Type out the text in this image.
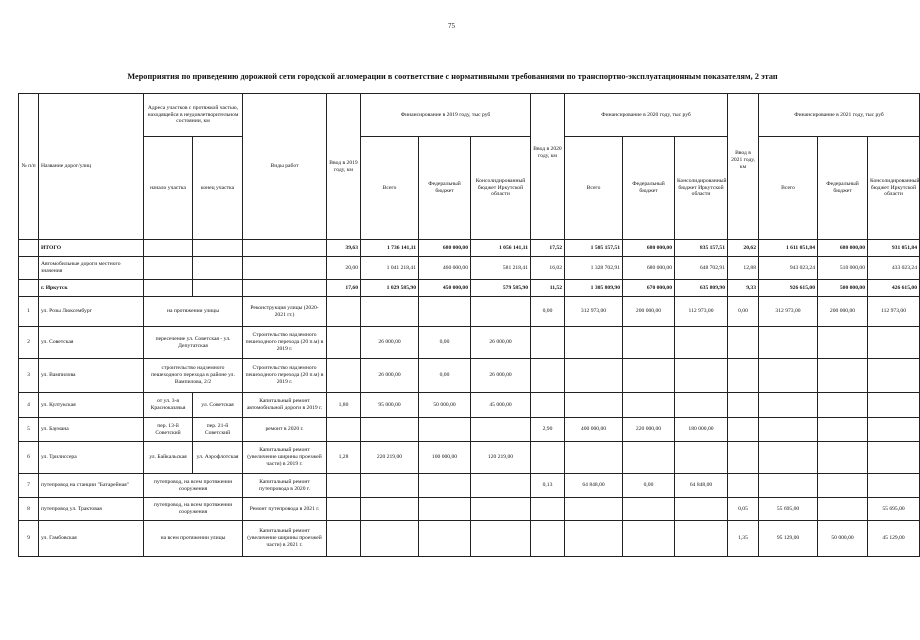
75
Мероприятия по приведению дорожной сети городской агломерации в соответствие с нормативными требованиями по транспортно-эксплуатационным показателям, 2 этап
№ п/п	Название дорог/улиц	Адреса участков с протяжкой частью, находящейся в неудовлетворительном состоянии, км		Виды работ	Ввод в 2019 году, км	Финансирование в 2019 году, тыс руб			Ввод в 2020 году, км	Финансирование в 2020 году, тыс руб			Ввод в 2021 году, км	Финансирование в 2021 году, тыс руб		
		начало участка	конец участка			Всего	Федеральный бюджет	Консолидированный бюджет Иркутской области		Всего	Федеральный бюджет	Консолидированный бюджет Иркутской области		Всего	Федеральный бюджет	Консолидированный бюджет Иркутской области
	ИТОГО				39,63	1 736 141,11	680 000,00	1 056 141,11	17,52	1 505 157,51	680 000,00	835 157,51	20,62	1 611 051,84	680 000,00	931 051,84
	Автомобильные дороги местного значения				20,00	1 041 218,41	460 000,00	581 218,41	16,02	1 328 702,91	680 000,00	648 702,91	12,88	943 023,24	510 000,00	433 023,24
	г. Иркутск				17,60	1 029 585,90	450 000,00	579 585,90	11,52	1 305 809,90	670 000,00	635 809,90	9,33	926 615,00	500 000,00	426 615,00
1	ул. Розы Люксембург	на протяжении улицы		Реконструкция улицы (2020-2021 гг.)					0,00	312 973,00	200 000,00	112 973,00	0,00	312 973,00	200 000,00	112 973,00
2	ул. Советская	пересечение ул. Советская - ул. Депутатская		Строительство надземного пешеходного перехода (20 п.м) в 2019 г.		26 000,00	0,00	26 000,00								
3	ул. Вампилова	строительство надземного пешеходного перехода в районе ул. Вампилова, 2/2		Строительство надземного пешеходного перехода (20 п.м) в 2019 г.		26 000,00	0,00	26 000,00								
4	ул. Култукская	от ул. 3-я Красноказачья	ул. Советская	Капитальный ремонт автомобильной дороги в 2019 г.	1,80	95 000,00	50 000,00	45 000,00								
5	ул. Баумана	пер. 13-й Советский	пер. 21-й Советский	ремонт в 2020 г.					2,90	400 000,00	220 000,00	180 000,00				
6	ул. Трилиссера	ул. Байкальская	ул. Аэрофлотская	Капитальный ремонт (увеличение ширины проезжей части) в 2019 г.	1,28	220 219,00	100 000,00	120 219,00								
7	путепровод на станции "Батарейная"	путепровод, на всем протяжении сооружения		Капитальный ремонт путепровода в 2020 г.					0,13	64 848,00	0,00	64 848,00				
8	путепровод ул. Трактовая	путепровод, на всем протяжении сооружения		Ремонт путепровода в 2021 г.									0,05	55 695,00		55 695,00
9	ул. Гамбовская	на всем протяжении улицы		Капитальный ремонт (увеличение ширины проезжей части) в 2021 г.									1,35	95 129,00	50 000,00	45 129,00
